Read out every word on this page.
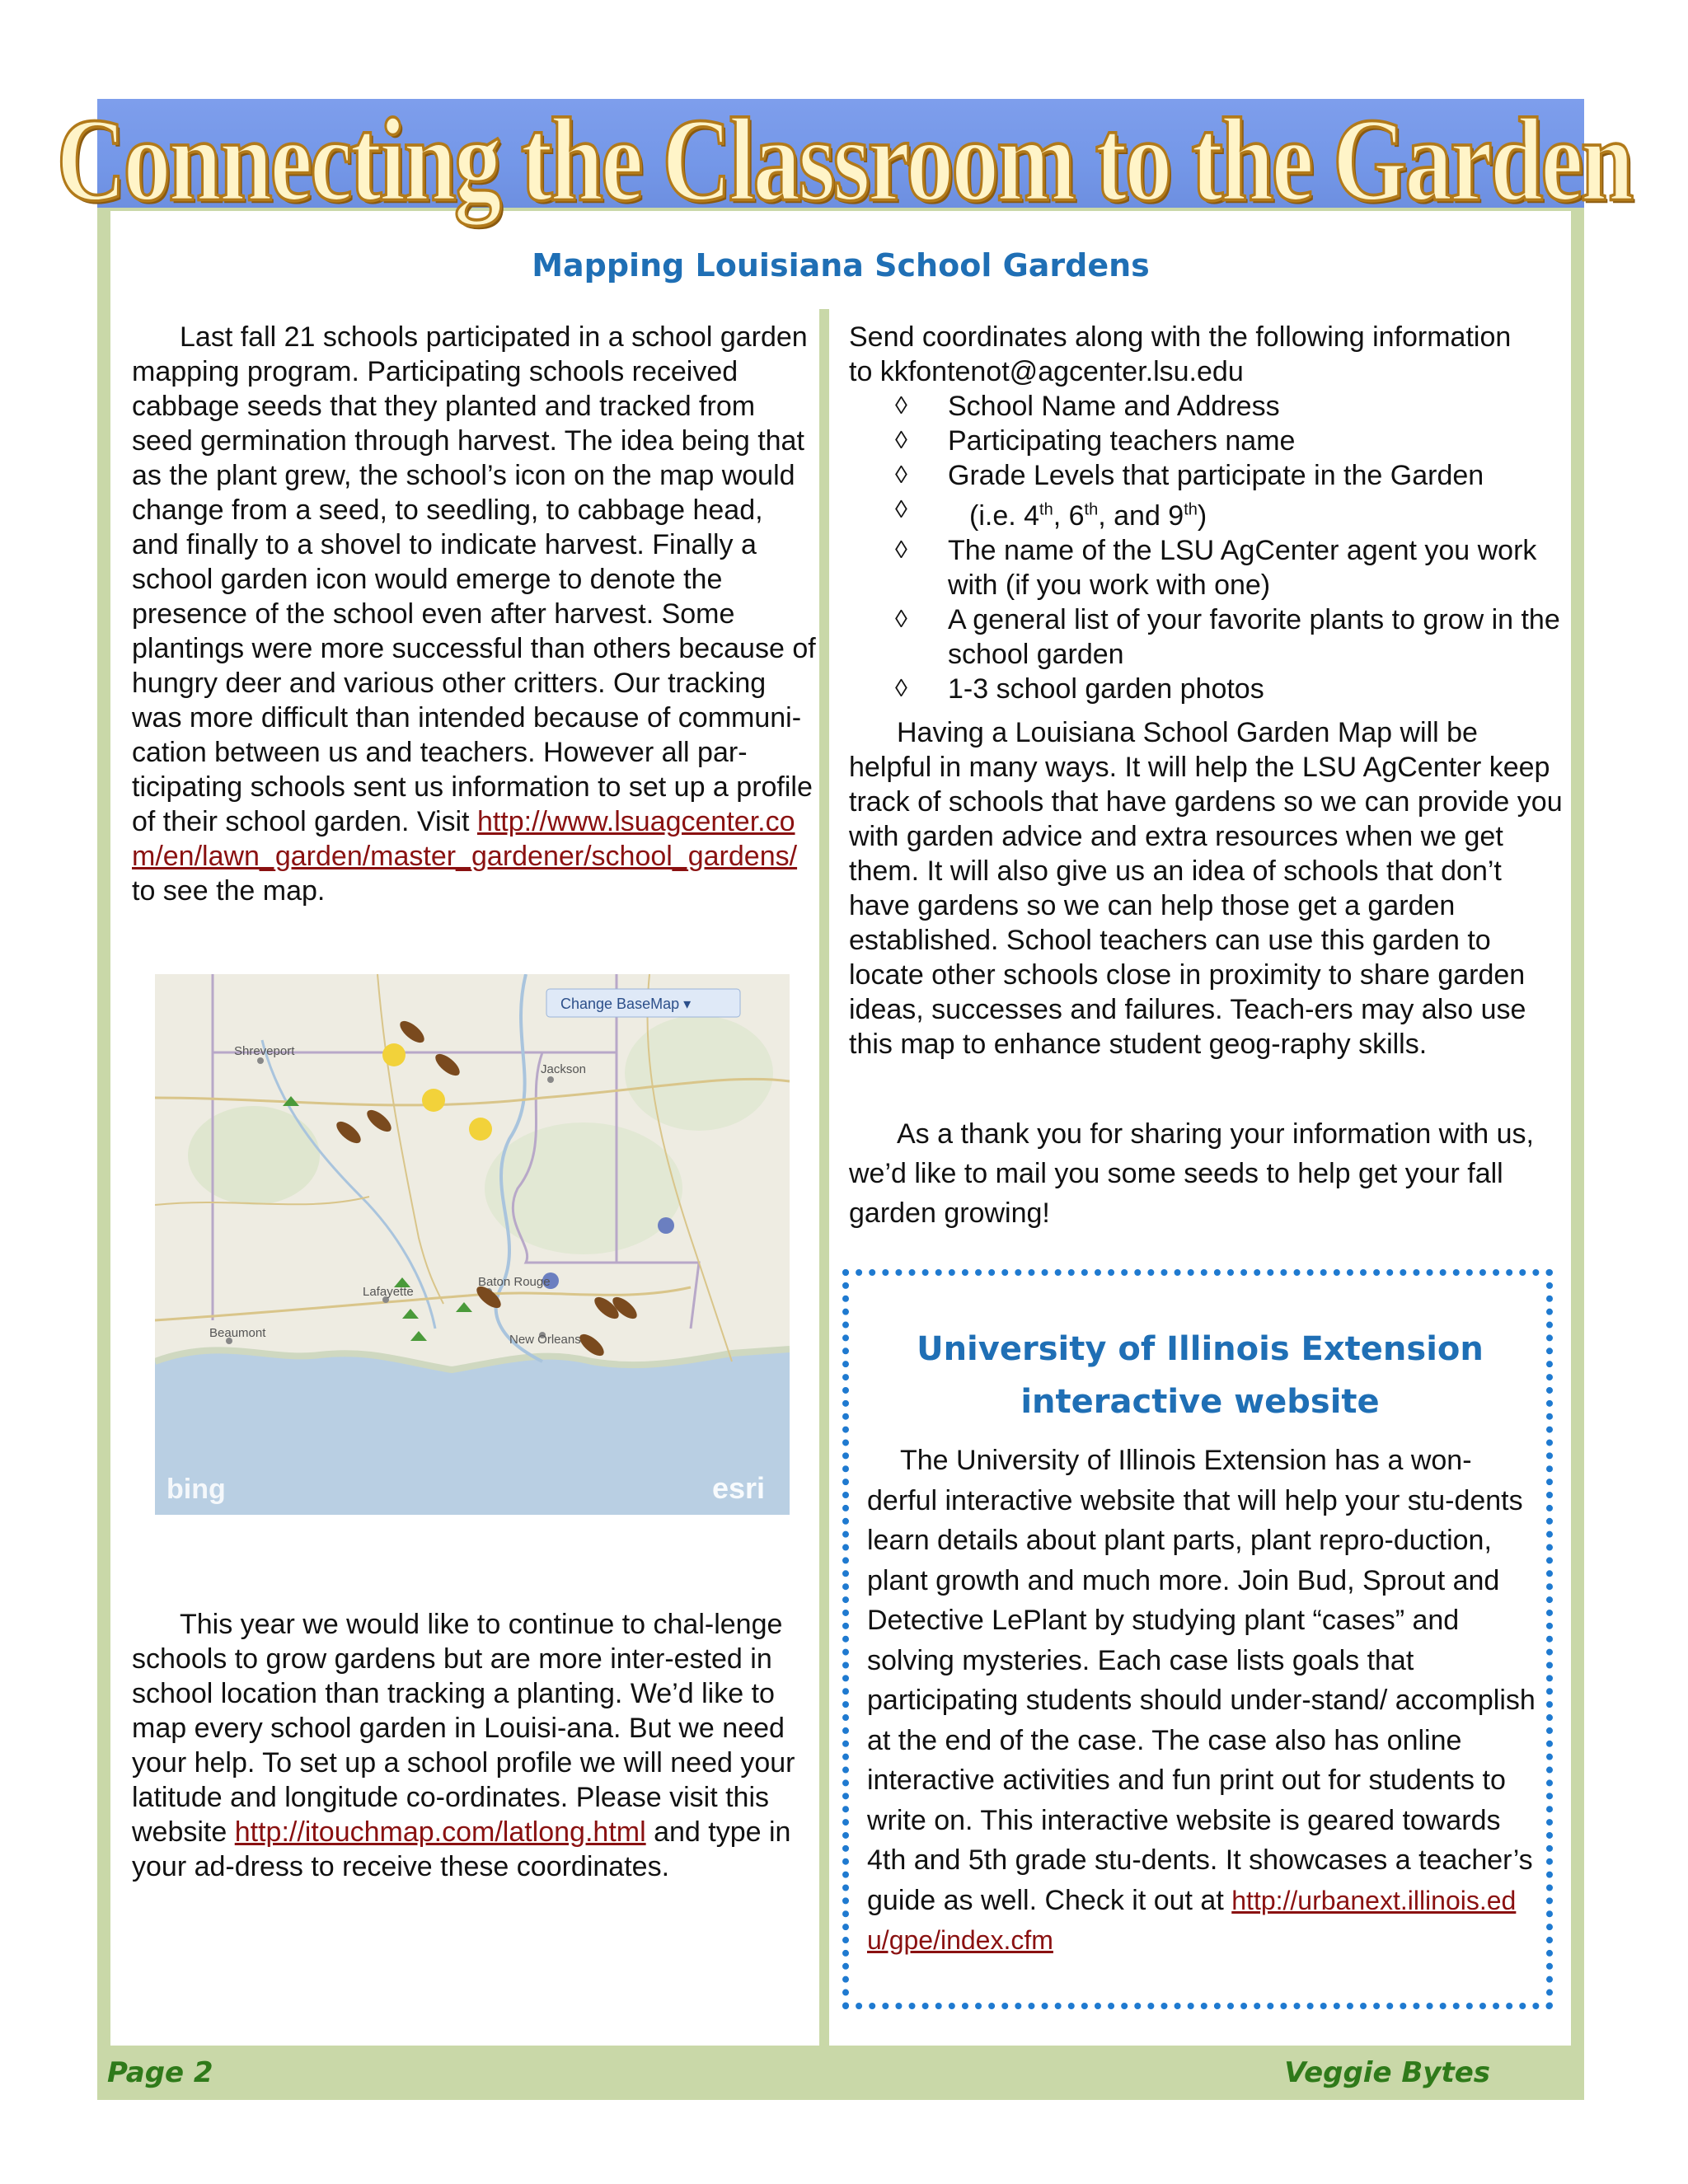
Connecting the Classroom to the Garden
Mapping Louisiana School Gardens

Last fall 21 schools participated in a school garden mapping program. Participating schools received cabbage seeds that they planted and tracked from seed germination through harvest. The idea being that as the plant grew, the school’s icon on the map would change from a seed, to seedling, to cabbage head, and finally to a shovel to indicate harvest. Finally a school garden icon would emerge to denote the presence of the school even after harvest. Some plantings were more successful than others because of hungry deer and various other critters. Our tracking was more difficult than intended because of communi-cation between us and teachers. However all par-ticipating schools sent us information to set up a profile of their school garden. Visit http://www.lsuagcenter.com/en/lawn_garden/master_gardener/school_gardens/ to see the map.

Change BaseMap ▾
Shreveport
Jackson
Baton Rouge
Lafayette
New Orleans
Beaumont
bing	esri

This year we would like to continue to chal-lenge schools to grow gardens but are more inter-ested in school location than tracking a planting. We’d like to map every school garden in Louisi-ana. But we need your help. To set up a school profile we will need your latitude and longitude co-ordinates. Please visit this website http://itouchmap.com/latlong.html and type in your ad-dress to receive these coordinates.

Send coordinates along with the following information

to kkfontenot@agcenter.lsu.edu

◊ School Name and Address
◊ Participating teachers name
◊ Grade Levels that participate in the Garden
◊ (i.e. 4th, 6th, and 9th)
◊ The name of the LSU AgCenter agent you work with (if you work with one)
◊ A general list of your favorite plants to grow in the school garden
◊ 1-3 school garden photos

Having a Louisiana School Garden Map will be helpful in many ways. It will help the LSU AgCenter keep track of schools that have gardens so we can provide you with garden advice and extra resources when we get them. It will also give us an idea of schools that don’t have gardens so we can help those get a garden established. School teachers can use this garden to locate other schools close in proximity to share garden ideas, successes and failures. Teach-ers may also use this map to enhance student geog-raphy skills.

As a thank you for sharing your information with us, we’d like to mail you some seeds to help get your fall garden growing!

University of Illinois Extension
interactive website

The University of Illinois Extension has a won-derful interactive website that will help your stu-dents learn details about plant parts, plant repro-duction, plant growth and much more. Join Bud, Sprout and Detective LePlant by studying plant “cases” and solving mysteries. Each case lists goals that participating students should under-stand/ accomplish at the end of the case. The case also has online interactive activities and fun print out for students to write on. This interactive website is geared towards 4th and 5th grade stu-dents. It showcases a teacher’s guide as well. Check it out at http://urbanext.illinois.edu/gpe/index.cfm

Page 2	Veggie Bytes
